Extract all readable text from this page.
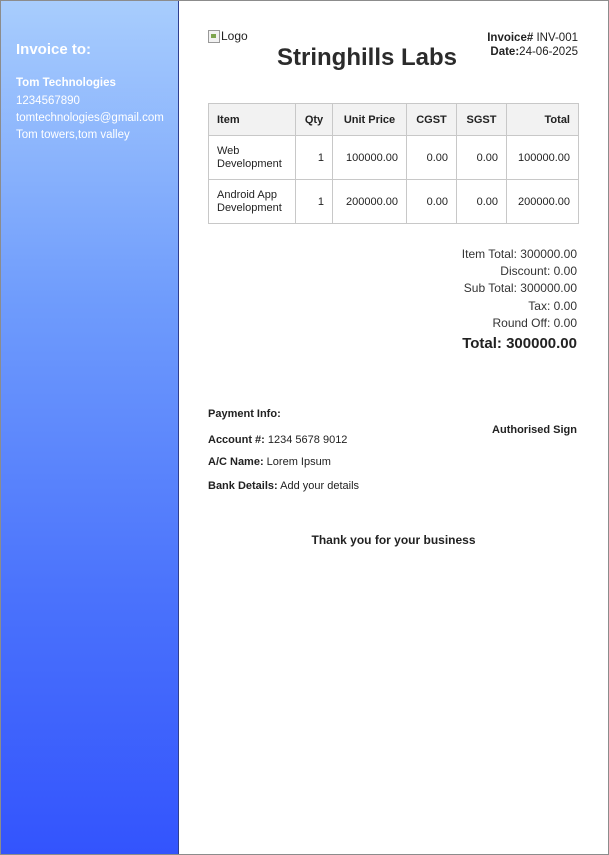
Invoice to:
Tom Technologies
1234567890
tomtechnologies@gmail.com
Tom towers,tom valley
Logo
Stringhills Labs
Invoice# INV-001
Date:24-06-2025
Item	Qty	Unit Price	CGST	SGST	Total
Web
Development	1	100000.00	0.00	0.00	100000.00
Android App
Development	1	200000.00	0.00	0.00	200000.00
Item Total: 300000.00
Discount: 0.00
Sub Total: 300000.00
Tax: 0.00
Round Off: 0.00
Total: 300000.00
Payment Info:
Account #: 1234 5678 9012
A/C Name: Lorem Ipsum
Bank Details: Add your details
Authorised Sign
Thank you for your business
